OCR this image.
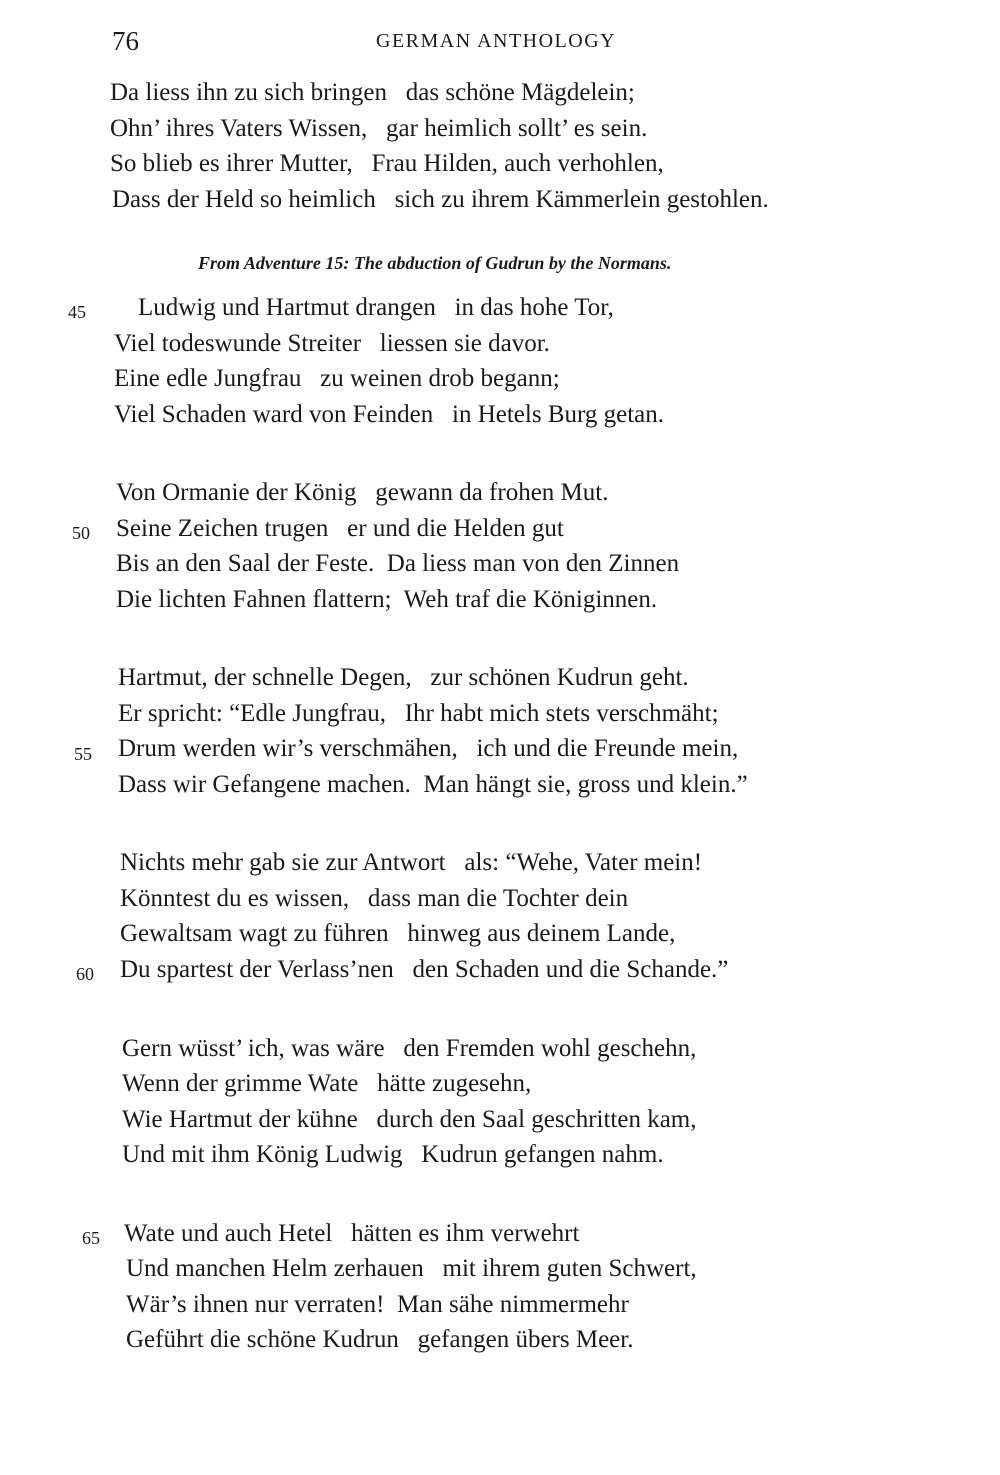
76	GERMAN ANTHOLOGY
Da liess ihn zu sich bringen   das schöne Mägdelein;
Ohn’ ihres Vaters Wissen,   gar heimlich sollt’ es sein.
So blieb es ihrer Mutter,   Frau Hilden, auch verhohlen,
Dass der Held so heimlich   sich zu ihrem Kämmerlein gestohlen.
From Adventure 15: The abduction of Gudrun by the Normans.
45 Ludwig und Hartmut drangen   in das hohe Tor,
Viel todeswunde Streiter   liessen sie davor.
Eine edle Jungfrau   zu weinen drob begann;
Viel Schaden ward von Feinden   in Hetels Burg getan.
Von Ormanie der König   gewann da frohen Mut.
50 Seine Zeichen trugen   er und die Helden gut
Bis an den Saal der Feste.  Da liess man von den Zinnen
Die lichten Fahnen flattern;  Weh traf die Königinnen.
Hartmut, der schnelle Degen,   zur schönen Kudrun geht.
Er spricht: “Edle Jungfrau,   Ihr habt mich stets verschmäht;
55 Drum werden wir’s verschmähen,   ich und die Freunde mein,
Dass wir Gefangene machen.  Man hängt sie, gross und klein.”
Nichts mehr gab sie zur Antwort   als: “Wehe, Vater mein!
Könntest du es wissen,   dass man die Tochter dein
Gewaltsam wagt zu führen   hinweg aus deinem Lande,
60 Du spartest der Verlass’nen   den Schaden und die Schande.”
Gern wüsst’ ich, was wäre   den Fremden wohl geschehn,
Wenn der grimme Wate   hätte zugesehn,
Wie Hartmut der kühne   durch den Saal geschritten kam,
Und mit ihm König Ludwig   Kudrun gefangen nahm.
65 Wate und auch Hetel   hätten es ihm verwehrt
Und manchen Helm zerhauen   mit ihrem guten Schwert,
Wär’s ihnen nur verraten!  Man sähe nimmermehr
Geführt die schöne Kudrun   gefangen übers Meer.
